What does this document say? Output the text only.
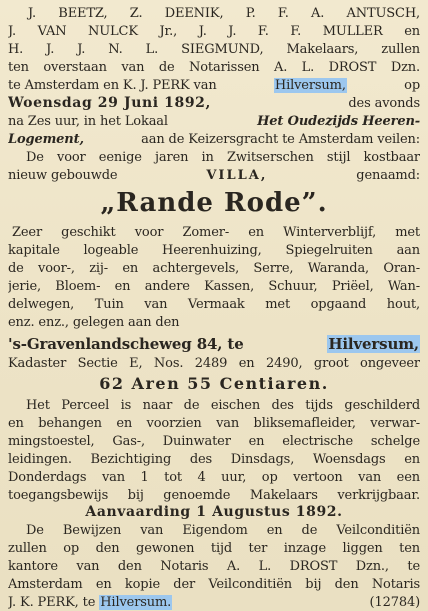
J. BEETZ, Z. DEENIK, P. F. A. ANTUSCH,
J. VAN NULCK Jr., J. J. F. F. MÜLLER en
H. J. J. N. L. SIEGMUND, Makelaars, zullen
ten overstaan van de Notarissen A. L. DROST Dzn.
te Amsterdam en K. J. PERK van	Hilversum,	op
Woensdag 29 Juni 1892,	des avonds
na Zes uur, in het Lokaal	Het Oudezijds Heeren-
Logement,	aan de Keizersgracht te Amsterdam veilen:
De voor eenige jaren in Zwitserschen stijl kostbaar
nieuw gebouwde	VILLA,	genaamd:
„Rande Rode”.
Zeer geschikt voor Zomer- en Winterverblijf, met
kapitale logeable Heerenhuizing, Spiegelruiten aan
de voor-, zij- en achtergevels, Serre, Waranda, Oran-
jerie, Bloem- en andere Kassen, Schuur, Priëel, Wan-
delwegen, Tuin van Vermaak met opgaand hout,
enz. enz., gelegen aan den
's-Gravenlandscheweg 84, te	Hilversum,
Kadaster Sectie E, Nos. 2489 en 2490, groot ongeveer
62 Aren 55 Centiaren.
Het Perceel is naar de eischen des tijds geschilderd
en behangen en voorzien van bliksemafleider, verwar-
mingstoestel, Gas-, Duinwater en electrische schelge
leidingen. Bezichtiging des Dinsdags, Woensdags en
Donderdags van 1 tot 4 uur, op vertoon van een
toegangsbewijs bij genoemde Makelaars verkrijgbaar.
Aanvaarding 1 Augustus 1892.
De Bewijzen van Eigendom en de Veilconditiën
zullen op den gewonen tijd ter inzage liggen ten
kantore van den Notaris A. L. DROST Dzn., te
Amsterdam en kopie der Veilconditiën bij den Notaris
J. K. PERK, te Hilversum.	(12784)
